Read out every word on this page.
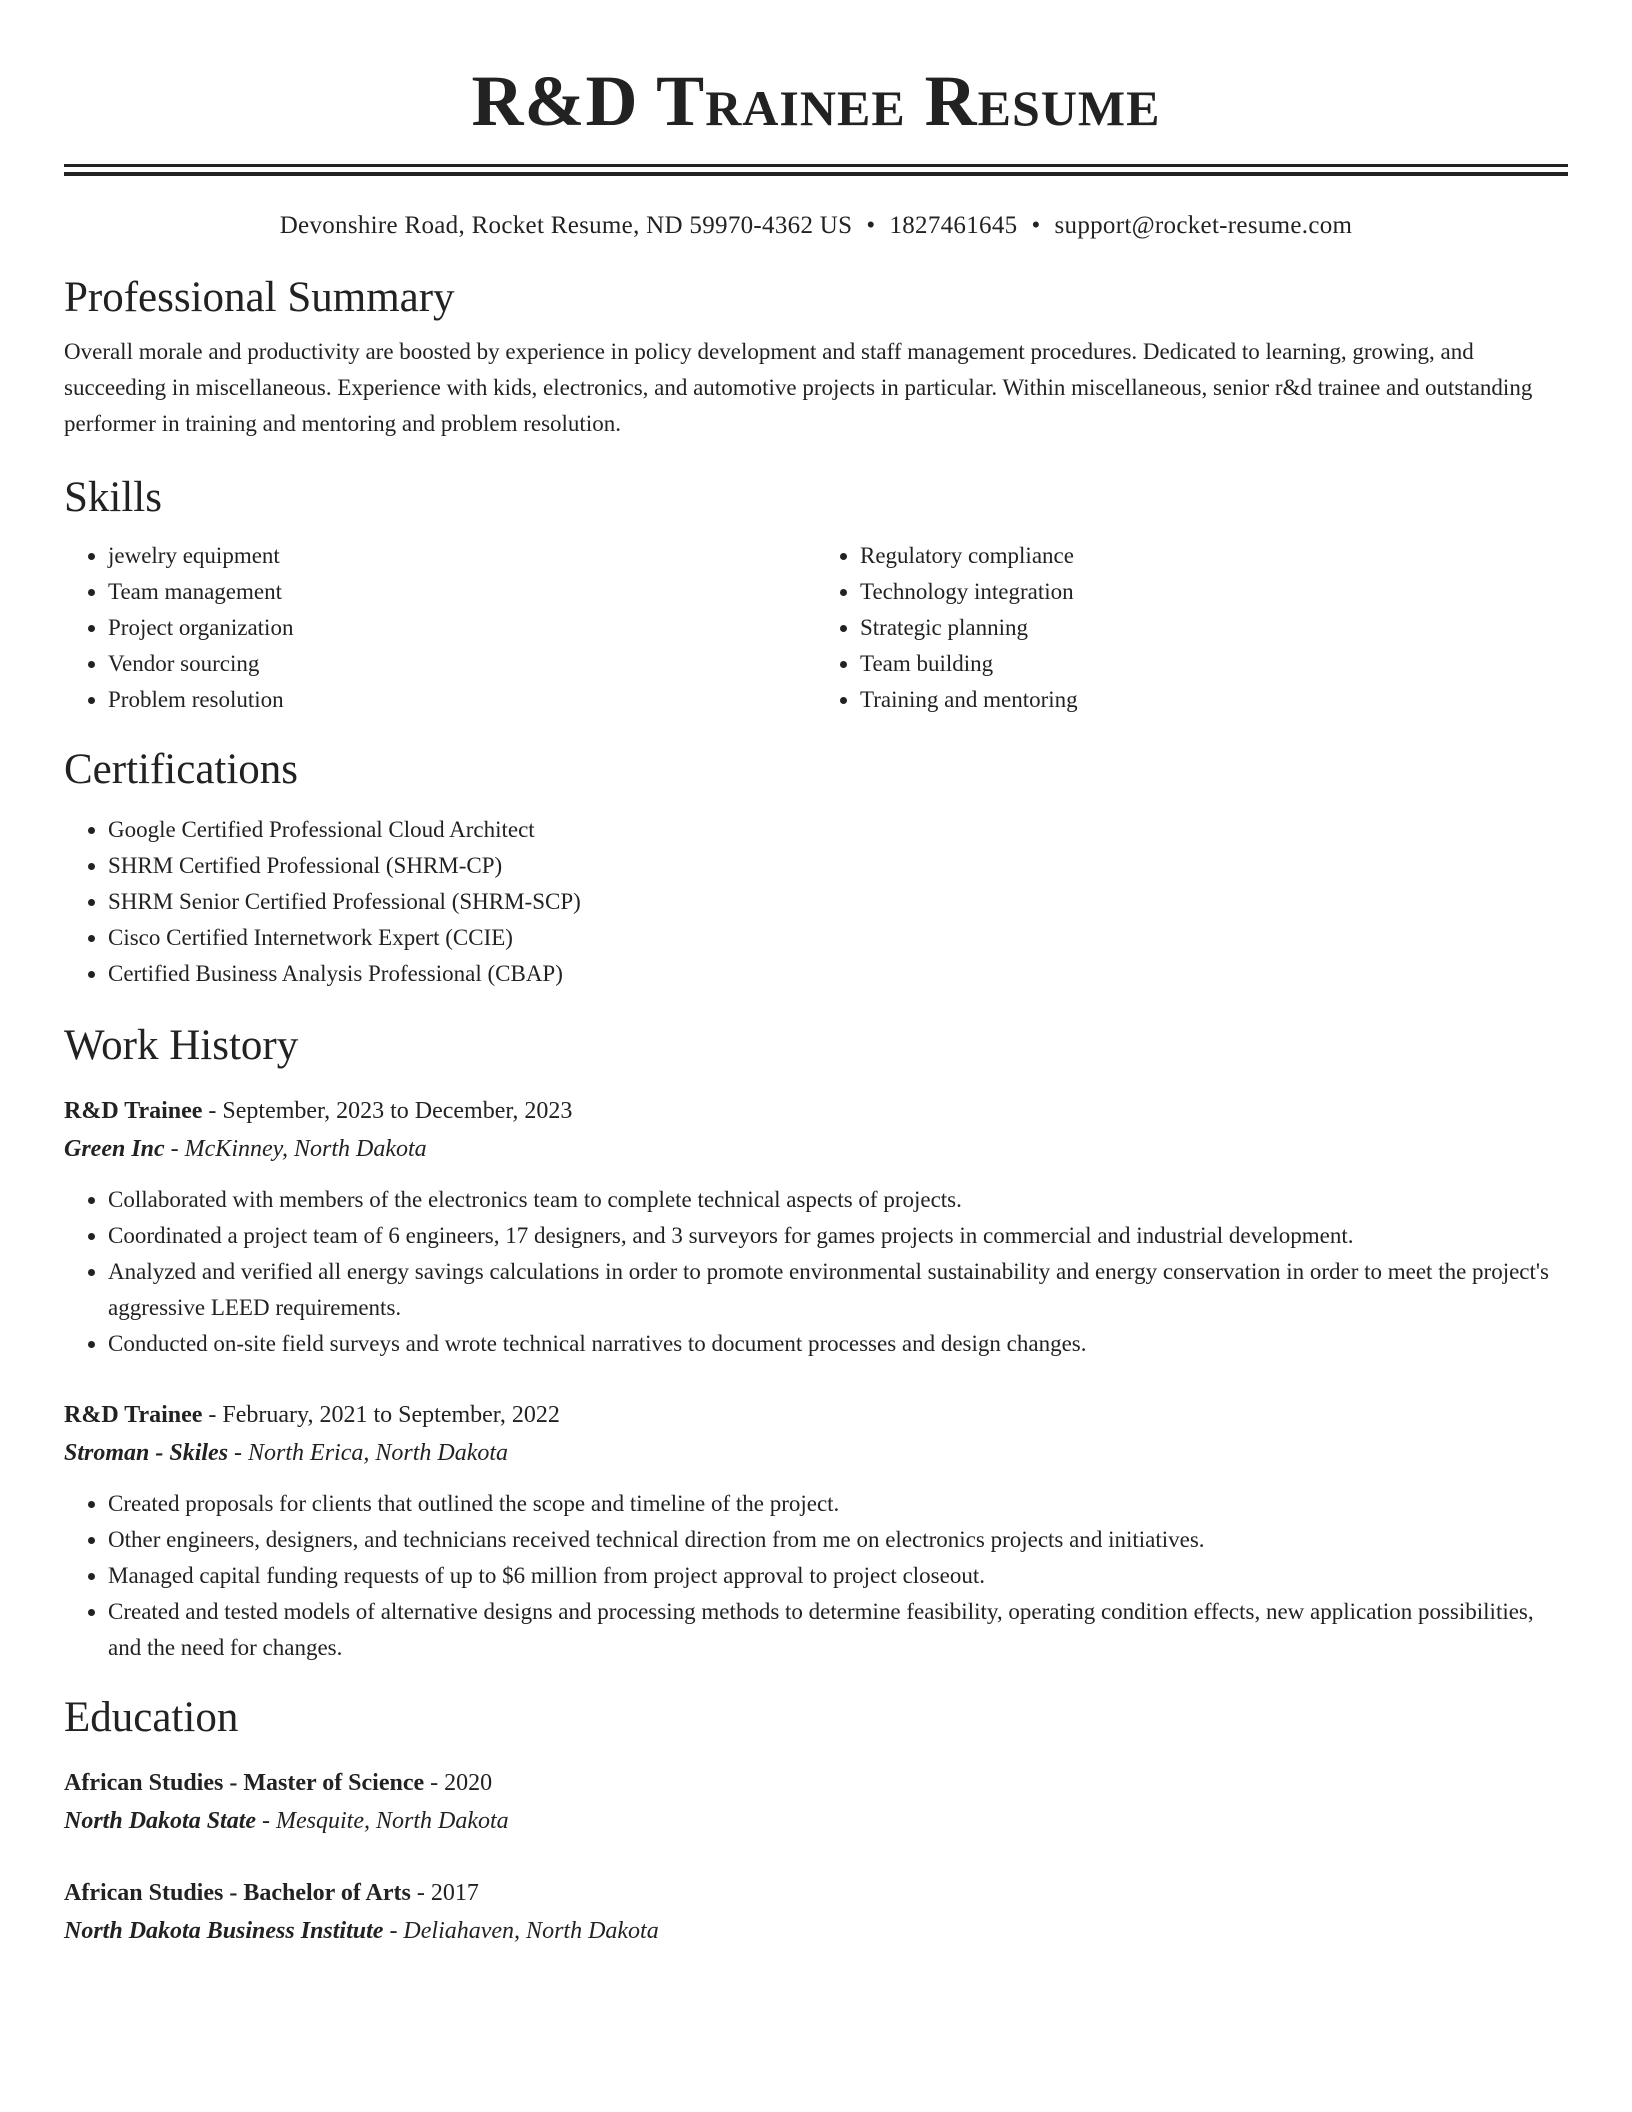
R&D Trainee Resume
Devonshire Road, Rocket Resume, ND 59970-4362 US • 1827461645 • support@rocket-resume.com
Professional Summary

Overall morale and productivity are boosted by experience in policy development and staff management procedures. Dedicated to learning, growing, and succeeding in miscellaneous. Experience with kids, electronics, and automotive projects in particular. Within miscellaneous, senior r&d trainee and outstanding performer in training and mentoring and problem resolution.

Skills
• jewelry equipment
• Team management
• Project organization
• Vendor sourcing
• Problem resolution
• Regulatory compliance
• Technology integration
• Strategic planning
• Team building
• Training and mentoring
Certifications
• Google Certified Professional Cloud Architect
• SHRM Certified Professional (SHRM-CP)
• SHRM Senior Certified Professional (SHRM-SCP)
• Cisco Certified Internetwork Expert (CCIE)
• Certified Business Analysis Professional (CBAP)
Work History
R&D Trainee - September, 2023 to December, 2023
Green Inc - McKinney, North Dakota
• Collaborated with members of the electronics team to complete technical aspects of projects.
• Coordinated a project team of 6 engineers, 17 designers, and 3 surveyors for games projects in commercial and industrial development.
• Analyzed and verified all energy savings calculations in order to promote environmental sustainability and energy conservation in order to meet the project's aggressive LEED requirements.
• Conducted on-site field surveys and wrote technical narratives to document processes and design changes.
R&D Trainee - February, 2021 to September, 2022
Stroman - Skiles - North Erica, North Dakota
• Created proposals for clients that outlined the scope and timeline of the project.
• Other engineers, designers, and technicians received technical direction from me on electronics projects and initiatives.
• Managed capital funding requests of up to $6 million from project approval to project closeout.
• Created and tested models of alternative designs and processing methods to determine feasibility, operating condition effects, new application possibilities, and the need for changes.
Education
African Studies - Master of Science - 2020
North Dakota State - Mesquite, North Dakota
African Studies - Bachelor of Arts - 2017
North Dakota Business Institute - Deliahaven, North Dakota
